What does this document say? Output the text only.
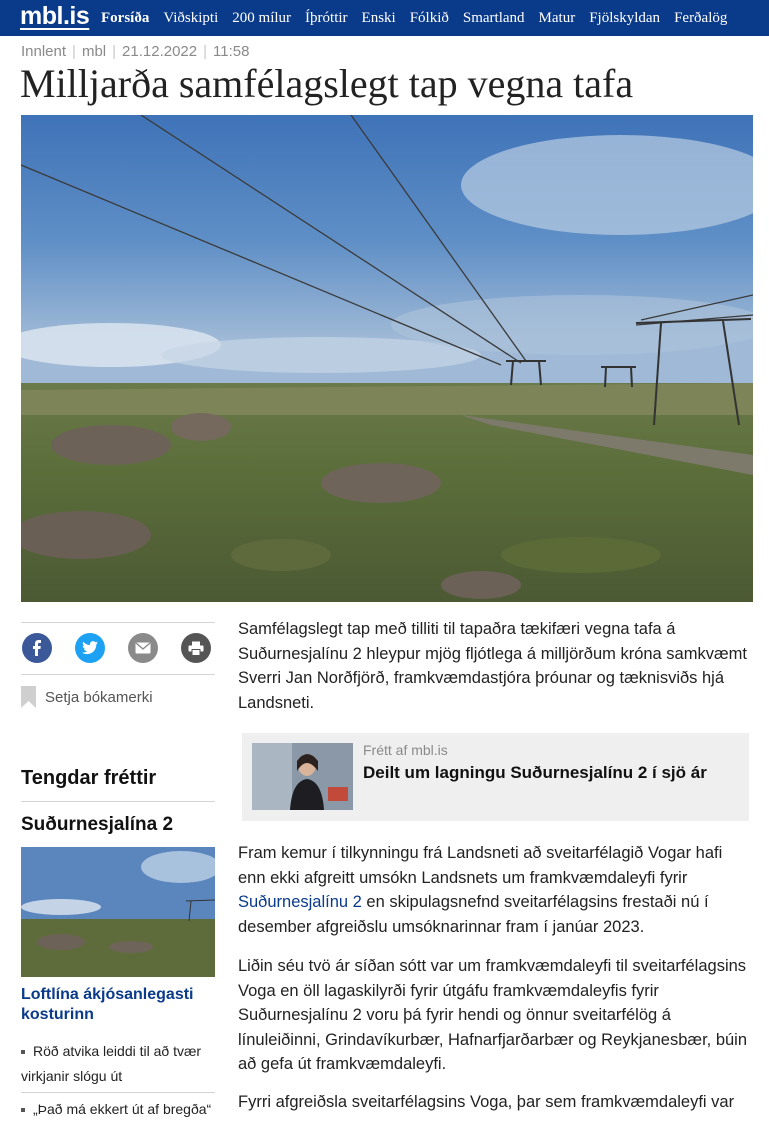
mbl.is Forsíða Viðskipti 200 mílur Íþróttir Enski Fólkið Smartland Matur Fjölskyldan Ferðalög
Innlent | mbl | 21.12.2022 | 11:58
Milljarða samfélagslegt tap vegna tafa
Setja bókamerki
Tengdar fréttir
Suðurnesjalína 2
Loftlína ákjósanlegasti kosturinn
Röð atvika leiddi til að tvær virkjanir slógu út
„Það má ekkert út af bregða“

Samfélagslegt tap með tilliti til tapaðra tækifæri vegna tafa á Suðurnesjalínu 2 hleypur mjög fljótlega á milljörðum króna samkvæmt Sverri Jan Norðfjörð, framkvæmdastjóra þróunar og tæknisviðs hjá Landsneti.

Frétt af mbl.is
Deilt um lagningu Suðurnesjalínu 2 í sjö ár

Fram kemur í tilkynningu frá Landsneti að sveitarfélagið Vogar hafi enn ekki afgreitt umsókn Landsnets um framkvæmdaleyfi fyrir Suðurnesjalínu 2 en skipulagsnefnd sveitarfélagsins frestaði nú í desember afgreiðslu umsóknarinnar fram í janúar 2023.

Liðin séu tvö ár síðan sótt var um framkvæmdaleyfi til sveitarfélagsins Voga en öll lagaskilyrði fyrir útgáfu framkvæmdaleyfis fyrir Suðurnesjalínu 2 voru þá fyrir hendi og önnur sveitarfélög á línuleiðinni, Grindavíkurbær, Hafnarfjarðarbær og Reykjanesbær, búin að gefa út framkvæmdaleyfi.

Fyrri afgreiðsla sveitarfélagsins Voga, þar sem framkvæmdaleyfi var
